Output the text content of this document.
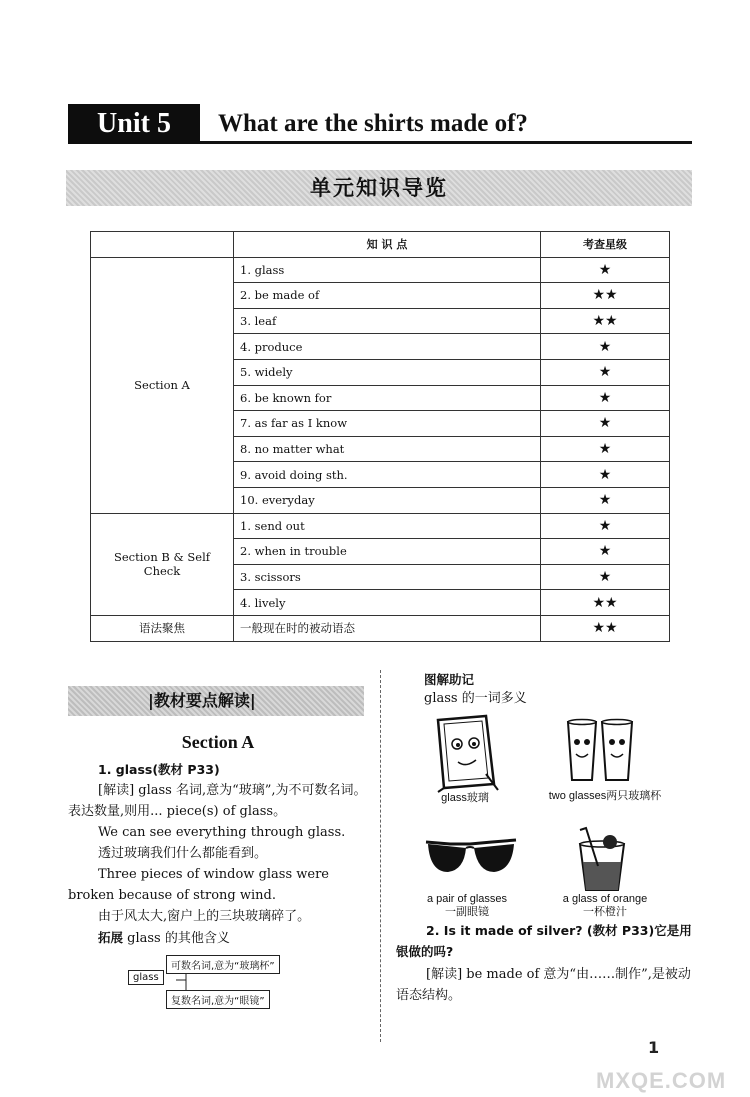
Unit 5	What are the shirts made of?
单元知识导览
	知 识 点	考查星级
Section A	1. glass	★
	2. be made of	★★
	3. leaf	★★
	4. produce	★
	5. widely	★
	6. be known for	★
	7. as far as I know	★
	8. no matter what	★
	9. avoid doing sth.	★
	10. everyday	★
Section B & Self Check	1. send out	★
	2. when in trouble	★
	3. scissors	★
	4. lively	★★
语法聚焦	一般现在时的被动语态	★★
|教材要点解读|
Section A
1. glass(教材 P33)
[解读] glass 名词,意为“玻璃”,为不可数名词。表达数量,则用... piece(s) of glass。
We can see everything through glass.
透过玻璃我们什么都能看到。
Three pieces of window glass were broken because of strong wind.
由于风太大,窗户上的三块玻璃碎了。
拓展 glass 的其他含义
glass
可数名词,意为“玻璃杯”
复数名词,意为“眼镜”
图解助记
glass 的一词多义
glass玻璃	two glasses两只玻璃杯
a pair of glasses
一副眼镜
a glass of orange
一杯橙汁
2. Is it made of silver? (教材 P33)它是用银做的吗?
[解读] be made of 意为“由……制作”,是被动语态结构。
1
MXQE.COM
